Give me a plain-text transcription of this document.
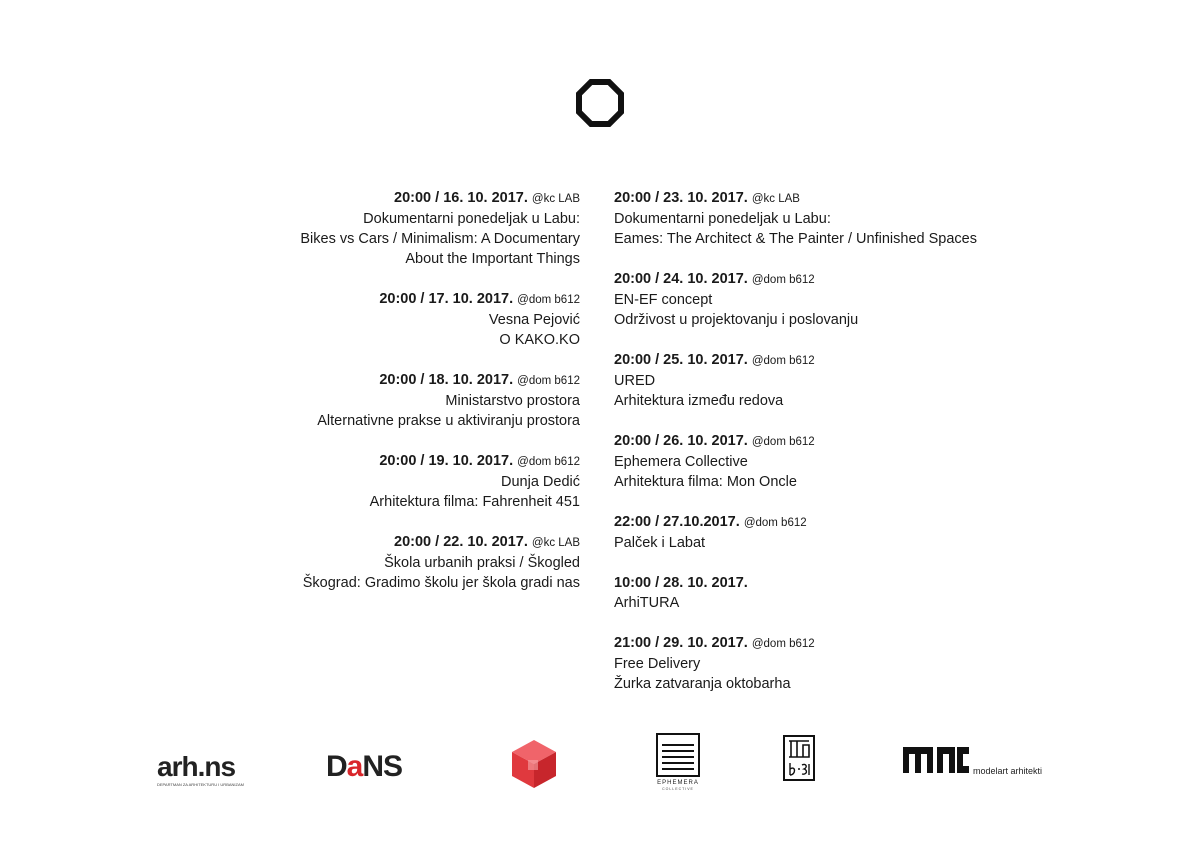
20:00 / 16. 10. 2017. @kc LAB
Dokumentarni ponedeljak u Labu:
Bikes vs Cars / Minimalism: A Documentary
About the Important Things
20:00 / 17. 10. 2017. @dom b612
Vesna Pejović
O KAKO.KO
20:00 / 18. 10. 2017. @dom b612
Ministarstvo prostora
Alternativne prakse u aktiviranju prostora
20:00 / 19. 10. 2017. @dom b612
Dunja Dedić
Arhitektura filma: Fahrenheit 451
20:00 / 22. 10. 2017. @kc LAB
Škola urbanih praksi / Škogled
Škograd: Gradimo školu jer škola gradi nas
20:00 / 23. 10. 2017. @kc LAB
Dokumentarni ponedeljak u Labu:
Eames: The Architect & The Painter / Unfinished Spaces
20:00 / 24. 10. 2017. @dom b612
EN-EF concept
Održivost u projektovanju i poslovanju
20:00 / 25. 10. 2017. @dom b612
URED
Arhitektura između redova
20:00 / 26. 10. 2017. @dom b612
Ephemera Collective
Arhitektura filma: Mon Oncle
22:00 / 27.10.2017. @dom b612
Palček i Labat
10:00 / 28. 10. 2017.
ArhiTURA
21:00 / 29. 10. 2017. @dom b612
Free Delivery
Žurka zatvaranja oktobarha
arh.ns
DEPARTMAN ZA ARHITEKTURU I URBANIZAM
DaNS	EPHEMERA
COLLECTIVE
modelart arhitekti
